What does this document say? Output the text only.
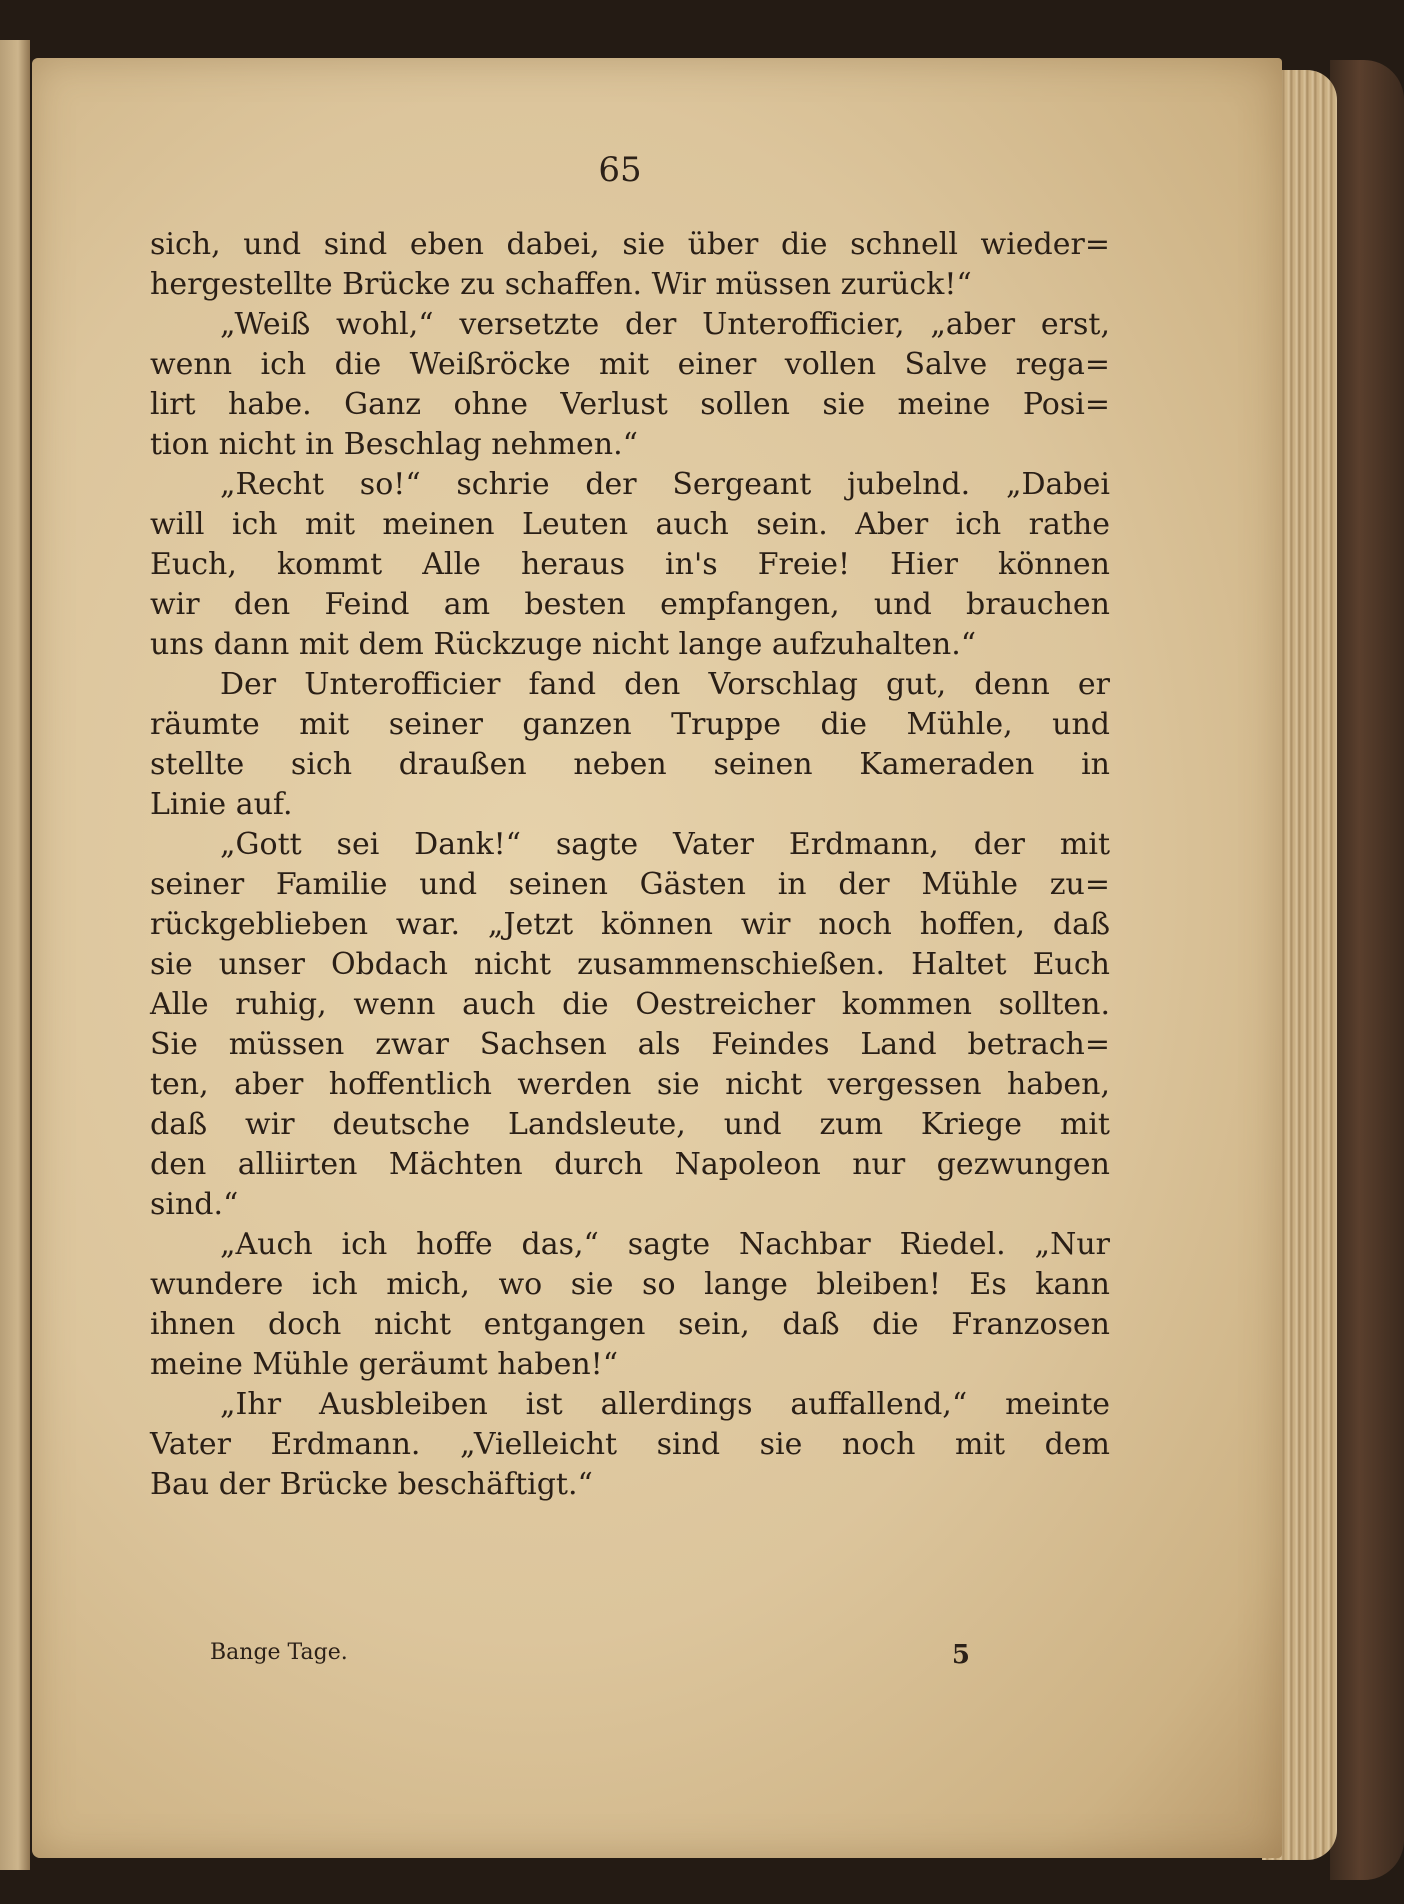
65
sich, und sind eben dabei, sie über die schnell wieder=
hergestellte Brücke zu schaffen. Wir müssen zurück!“
„Weiß wohl,“ versetzte der Unterofficier, „aber erst,
wenn ich die Weißröcke mit einer vollen Salve rega=
lirt habe. Ganz ohne Verlust sollen sie meine Posi=
tion nicht in Beschlag nehmen.“
„Recht so!“ schrie der Sergeant jubelnd. „Dabei
will ich mit meinen Leuten auch sein. Aber ich rathe
Euch, kommt Alle heraus in's Freie! Hier können
wir den Feind am besten empfangen, und brauchen
uns dann mit dem Rückzuge nicht lange aufzuhalten.“
Der Unterofficier fand den Vorschlag gut, denn er
räumte mit seiner ganzen Truppe die Mühle, und
stellte sich draußen neben seinen Kameraden in
Linie auf.
„Gott sei Dank!“ sagte Vater Erdmann, der mit
seiner Familie und seinen Gästen in der Mühle zu=
rückgeblieben war. „Jetzt können wir noch hoffen, daß
sie unser Obdach nicht zusammenschießen. Haltet Euch
Alle ruhig, wenn auch die Oestreicher kommen sollten.
Sie müssen zwar Sachsen als Feindes Land betrach=
ten, aber hoffentlich werden sie nicht vergessen haben,
daß wir deutsche Landsleute, und zum Kriege mit
den alliirten Mächten durch Napoleon nur gezwungen
sind.“
„Auch ich hoffe das,“ sagte Nachbar Riedel. „Nur
wundere ich mich, wo sie so lange bleiben! Es kann
ihnen doch nicht entgangen sein, daß die Franzosen
meine Mühle geräumt haben!“
„Ihr Ausbleiben ist allerdings auffallend,“ meinte
Vater Erdmann. „Vielleicht sind sie noch mit dem
Bau der Brücke beschäftigt.“
Bange Tage.	5
